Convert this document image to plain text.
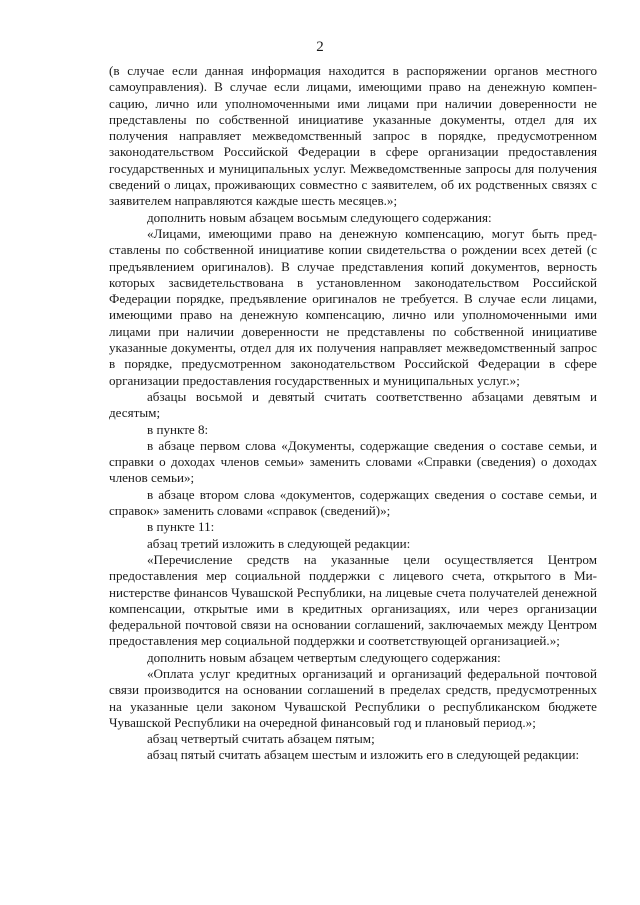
2

(в случае если данная информация находится в распоряжении органов местного самоуправления). В случае если лицами, имеющими право на денежную компенсацию, лично или уполномоченными ими лицами при наличии доверенности не представлены по собственной инициативе указанные документы, отдел для их получения направляет межведомственный запрос в порядке, предусмотренном законодательством Российской Федерации в сфере организации предоставления государственных и муниципальных услуг. Межведомственные запросы для получения сведений о лицах, проживающих совместно с заявителем, об их родственных связях с заявителем направляются каждые шесть месяцев.»;

дополнить новым абзацем восьмым следующего содержания:

«Лицами, имеющими право на денежную компенсацию, могут быть представлены по собственной инициативе копии свидетельства о рождении всех детей (с предъявлением оригиналов). В случае представления копий документов, верность которых засвидетельствована в установленном законодательством Российской Федерации порядке, предъявление оригиналов не требуется. В случае если лицами, имеющими право на денежную компенсацию, лично или уполномоченными ими лицами при наличии доверенности не представлены по собственной инициативе указанные документы, отдел для их получения направляет межведомственный запрос в порядке, предусмотренном законодательством Российской Федерации в сфере организации предоставления государственных и муниципальных услуг.»;

абзацы восьмой и девятый считать соответственно абзацами девятым и десятым;

в пункте 8:

в абзаце первом слова «Документы, содержащие сведения о составе семьи, и справки о доходах членов семьи» заменить словами «Справки (сведения) о доходах членов семьи»;

в абзаце втором слова «документов, содержащих сведения о составе семьи, и справок» заменить словами «справок (сведений)»;

в пункте 11:

абзац третий изложить в следующей редакции:

«Перечисление средств на указанные цели осуществляется Центром предоставления мер социальной поддержки с лицевого счета, открытого в Министерстве финансов Чувашской Республики, на лицевые счета получателей денежной компенсации, открытые ими в кредитных организациях, или через организации федеральной почтовой связи на основании соглашений, заключаемых между Центром предоставления мер социальной поддержки и соответствующей организацией.»;

дополнить новым абзацем четвертым следующего содержания:

«Оплата услуг кредитных организаций и организаций федеральной почтовой связи производится на основании соглашений в пределах средств, предусмотренных на указанные цели законом Чувашской Республики о республиканском бюджете Чувашской Республики на очередной финансовый год и плановый период.»;

абзац четвертый считать абзацем пятым;

абзац пятый считать абзацем шестым и изложить его в следующей редакции:
